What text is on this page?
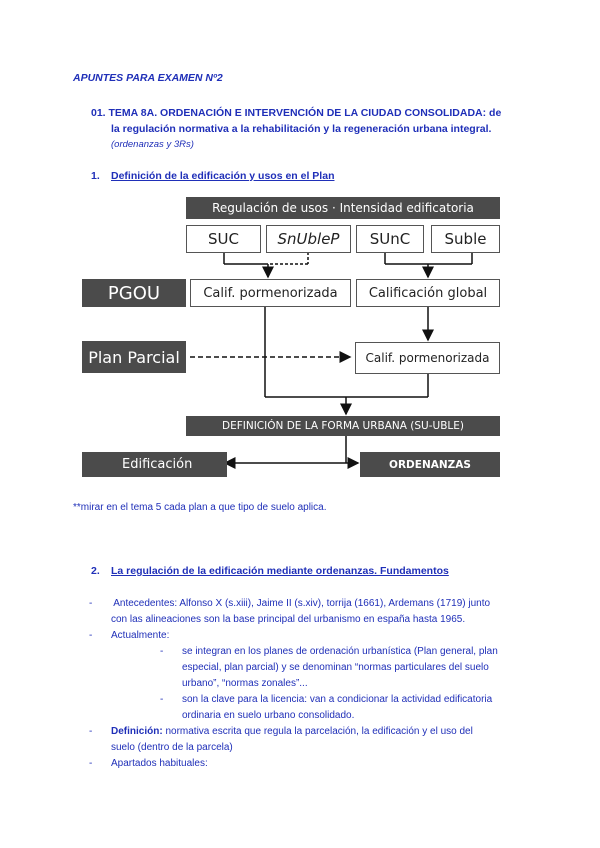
APUNTES PARA EXAMEN Nº2
01. TEMA 8A. ORDENACIÓN E INTERVENCIÓN DE LA CIUDAD CONSOLIDADA: de
la regulación normativa a la rehabilitación y la regeneración urbana integral.
(ordenanzas y 3Rs)
1. Definición de la edificación y usos en el Plan
Regulación de usos · Intensidad edificatoria
SUC	SnUbleP	SUnC	Suble
PGOU	Calif. pormenorizada	Calificación global
Plan Parcial	Calif. pormenorizada
DEFINICIÓN DE LA FORMA URBANA (SU-UBLE)
Edificación	ORDENANZAS
**mirar en el tema 5 cada plan a que tipo de suelo aplica.
2. La regulación de la edificación mediante ordenanzas. Fundamentos
- Antecedentes: Alfonso X (s.xiii), Jaime II (s.xiv), torrija (1661), Ardemans (1719) junto
con las alineaciones son la base principal del urbanismo en españa hasta 1965.
- Actualmente:
- se integran en los planes de ordenación urbanística (Plan general, plan
especial, plan parcial) y se denominan “normas particulares del suelo
urbano”, “normas zonales”...
- son la clave para la licencia: van a condicionar la actividad edificatoria
ordinaria en suelo urbano consolidado.
- Definición: normativa escrita que regula la parcelación, la edificación y el uso del
suelo (dentro de la parcela)
- Apartados habituales:
